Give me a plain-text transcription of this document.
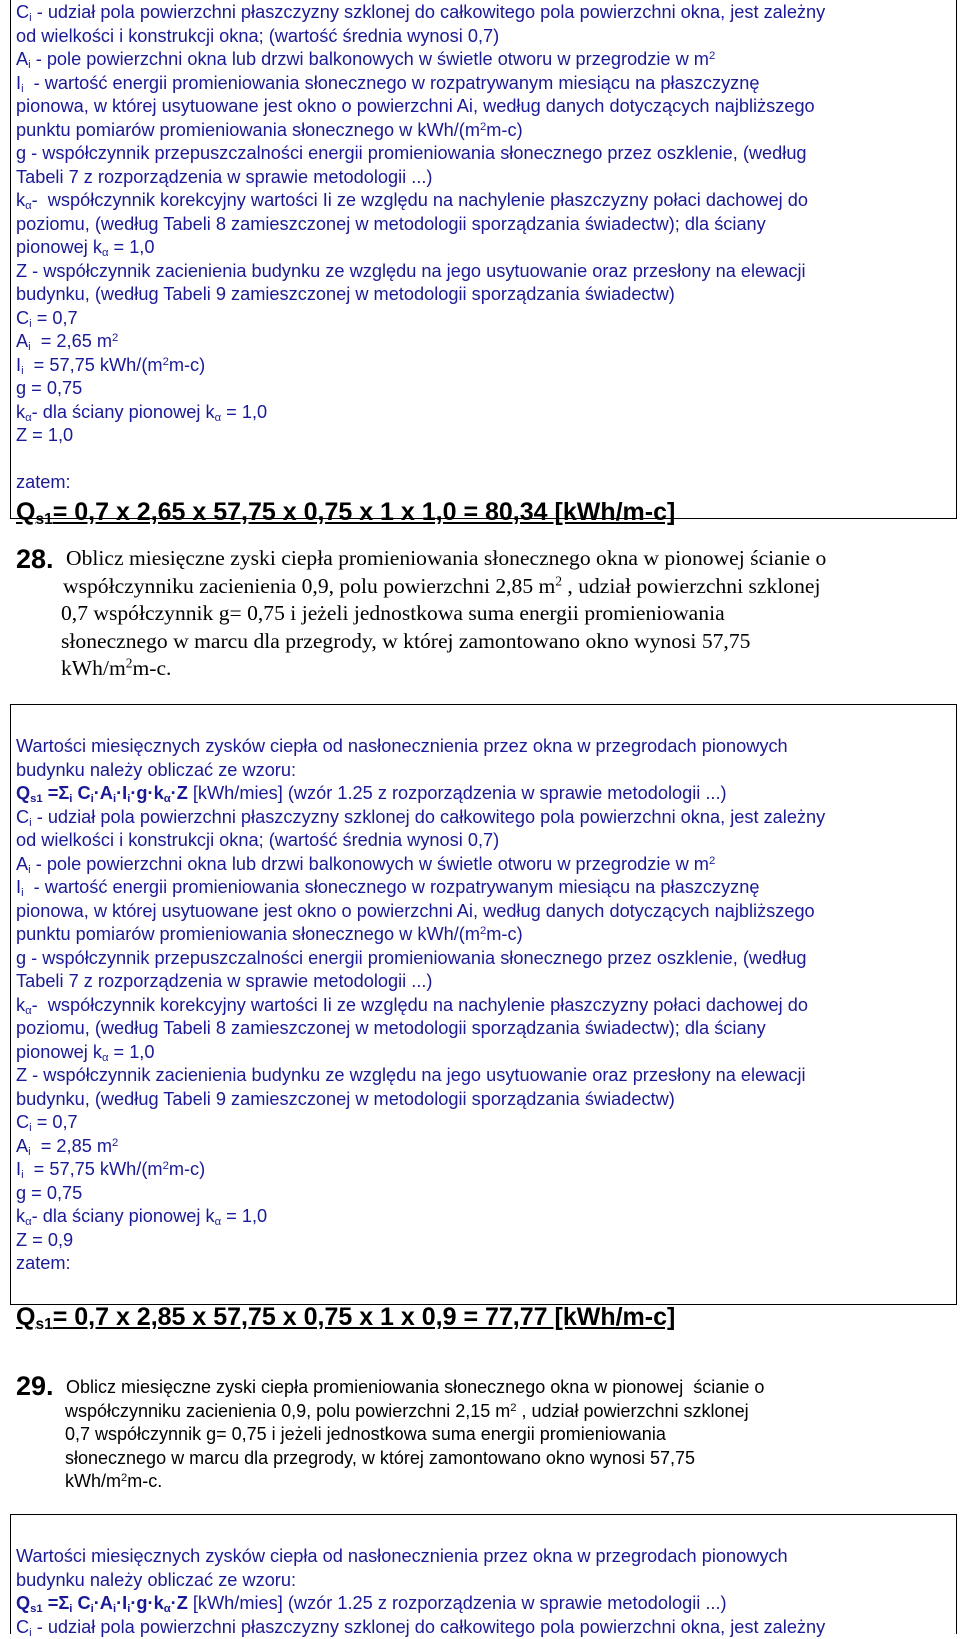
$C_i$ - udział pola powierzchni płaszczyzny szklonej do całkowitego pola powierzchni okna, jest zależny
od wielkości i konstrukcji okna; (wartość średnia wynosi 0,7)
$A_i$ - pole powierzchni okna lub drzwi balkonowych w świetle otworu w przegrodzie w $m^2$
$I_i$  - wartość energii promieniowania słonecznego w rozpatrywanym miesiącu na płaszczyznę
pionowa, w której usytuowane jest okno o powierzchni Ai, według danych dotyczących najbliższego
punktu pomiarów promieniowania słonecznego w kWh/$(m^2m-c)$
g - współczynnik przepuszczalności energii promieniowania słonecznego przez oszklenie, (według
Tabeli 7 z rozporządzenia w sprawie metodologii ...)
$k_\alpha-$  współczynnik korekcyjny wartości Ii ze względu na nachylenie płaszczyzny połaci dachowej do
poziomu, (według Tabeli 8 zamieszczonej w metodologii sporządzania świadectw); dla ściany
pionowej $k_\alpha = 1,0$
Z - współczynnik zacienienia budynku ze względu na jego usytuowanie oraz przesłony na elewacji
budynku, (według Tabeli 9 zamieszczonej w metodologii sporządzania świadectw)
$C_i = 0,7$
$A_i = 2,65$ $m^2$
$I_i = 57,75$ kWh/$(m^2m-c)$
g = 0,75
$k_\alpha-$ dla ściany pionowej $k_\alpha = 1,0$
Z = 1,0

zatem:
$Q_{s1}= 0,7$ x 2,65 x 57,75 x 0,75 x 1 x 1,0 = 80,34 [kWh/m-c]
28. Oblicz miesięczne zyski ciepła promieniowania słonecznego okna w pionowej ścianie o
współczynniku zacienienia 0,9, polu powierzchni 2,85 $m^2$ , udział powierzchni szklonej
0,7 współczynnik g= 0,75 i jeżeli jednostkowa suma energii promieniowania
słonecznego w marcu dla przegrody, w której zamontowano okno wynosi 57,75
kWh/$m^2m-c$.
Wartości miesięcznych zysków ciepła od nasłonecznienia przez okna w przegrodach pionowych
budynku należy obliczać ze wzoru:
$Q_{s1} =\Sigma_i$ $C_i\cdot A_i\cdot I_i\cdot g\cdot k_\alpha\cdot Z$ [kWh/mies] (wzór 1.25 z rozporządzenia w sprawie metodologii ...)
$C_i$ - udział pola powierzchni płaszczyzny szklonej do całkowitego pola powierzchni okna, jest zależny
od wielkości i konstrukcji okna; (wartość średnia wynosi 0,7)
$A_i$ - pole powierzchni okna lub drzwi balkonowych w świetle otworu w przegrodzie w $m^2$
$I_i$  - wartość energii promieniowania słonecznego w rozpatrywanym miesiącu na płaszczyznę
pionowa, w której usytuowane jest okno o powierzchni Ai, według danych dotyczących najbliższego
punktu pomiarów promieniowania słonecznego w kWh/$(m^2m-c)$
g - współczynnik przepuszczalności energii promieniowania słonecznego przez oszklenie, (według
Tabeli 7 z rozporządzenia w sprawie metodologii ...)
$k_\alpha-$  współczynnik korekcyjny wartości Ii ze względu na nachylenie płaszczyzny połaci dachowej do
poziomu, (według Tabeli 8 zamieszczonej w metodologii sporządzania świadectw); dla ściany
pionowej $k_\alpha = 1,0$
Z - współczynnik zacienienia budynku ze względu na jego usytuowanie oraz przesłony na elewacji
budynku, (według Tabeli 9 zamieszczonej w metodologii sporządzania świadectw)
$C_i = 0,7$
$A_i = 2,85$ $m^2$
$I_i = 57,75$ kWh/$(m^2m-c)$
g = 0,75
$k_\alpha-$ dla ściany pionowej $k_\alpha = 1,0$
Z = 0,9
zatem:
$Q_{s1}= 0,7$ x 2,85 x 57,75 x 0,75 x 1 x 0,9 = 77,77 [kWh/m-c]
29. Oblicz miesięczne zyski ciepła promieniowania słonecznego okna w pionowej  ścianie o
współczynniku zacienienia 0,9, polu powierzchni 2,15 $m^2$ , udział powierzchni szklonej
0,7 współczynnik g= 0,75 i jeżeli jednostkowa suma energii promieniowania
słonecznego w marcu dla przegrody, w której zamontowano okno wynosi 57,75
kWh/$m^2m-c$.
Wartości miesięcznych zysków ciepła od nasłonecznienia przez okna w przegrodach pionowych
budynku należy obliczać ze wzoru:
$Q_{s1} =\Sigma_i$ $C_i\cdot A_i\cdot I_i\cdot g\cdot k_\alpha\cdot Z$ [kWh/mies] (wzór 1.25 z rozporządzenia w sprawie metodologii ...)
$C_i$ - udział pola powierzchni płaszczyzny szklonej do całkowitego pola powierzchni okna, jest zależny
